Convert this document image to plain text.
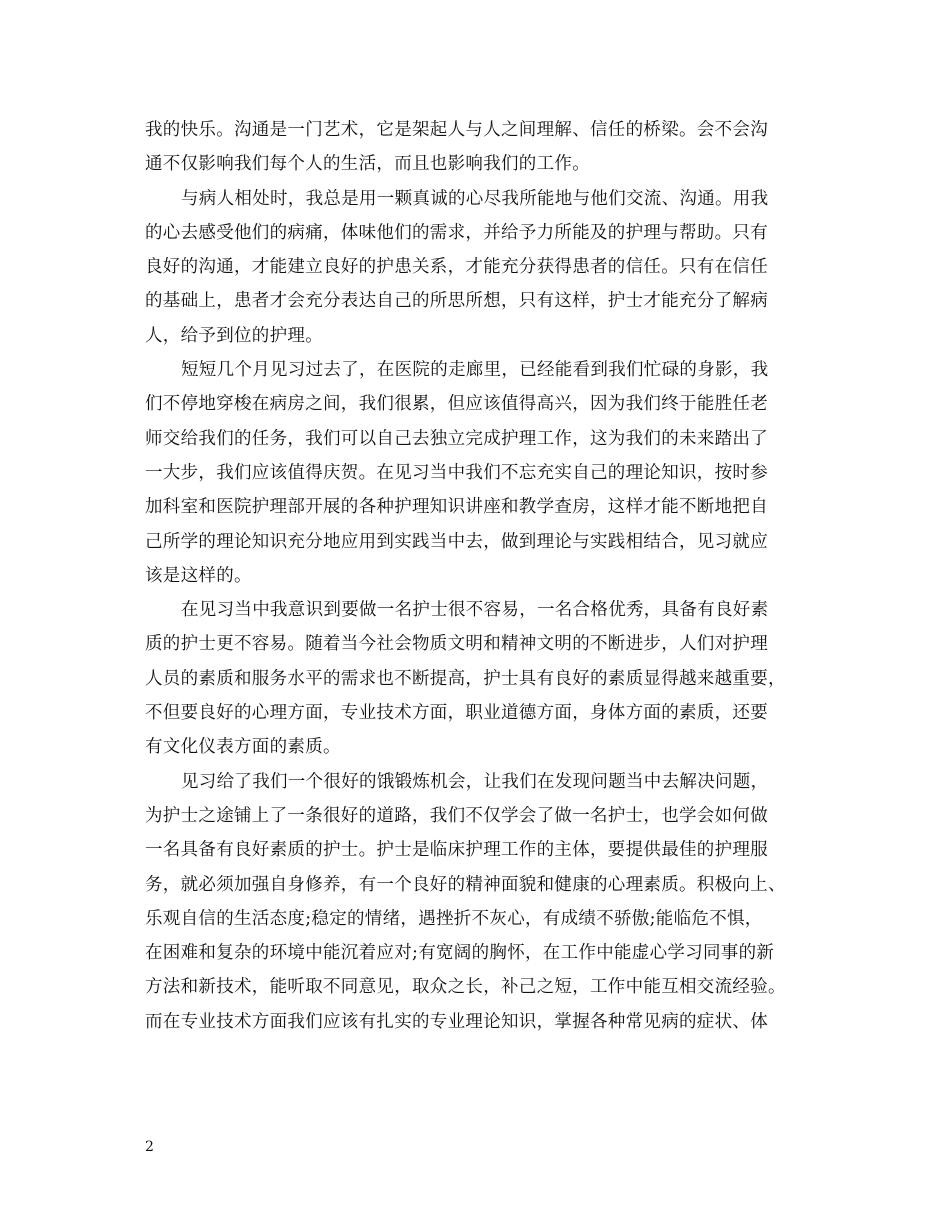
我的快乐。沟通是一门艺术，它是架起人与人之间理解、信任的桥梁。会不会沟
通不仅影响我们每个人的生活，而且也影响我们的工作。
与病人相处时，我总是用一颗真诚的心尽我所能地与他们交流、沟通。用我
的心去感受他们的病痛，体味他们的需求，并给予力所能及的护理与帮助。只有
良好的沟通，才能建立良好的护患关系，才能充分获得患者的信任。只有在信任
的基础上，患者才会充分表达自己的所思所想，只有这样，护士才能充分了解病
人，给予到位的护理。
短短几个月见习过去了，在医院的走廊里，已经能看到我们忙碌的身影，我
们不停地穿梭在病房之间，我们很累，但应该值得高兴，因为我们终于能胜任老
师交给我们的任务，我们可以自己去独立完成护理工作，这为我们的未来踏出了
一大步，我们应该值得庆贺。在见习当中我们不忘充实自己的理论知识，按时参
加科室和医院护理部开展的各种护理知识讲座和教学查房，这样才能不断地把自
己所学的理论知识充分地应用到实践当中去，做到理论与实践相结合，见习就应
该是这样的。
在见习当中我意识到要做一名护士很不容易，一名合格优秀，具备有良好素
质的护士更不容易。随着当今社会物质文明和精神文明的不断进步，人们对护理
人员的素质和服务水平的需求也不断提高，护士具有良好的素质显得越来越重要，
不但要良好的心理方面，专业技术方面，职业道德方面，身体方面的素质，还要
有文化仪表方面的素质。
见习给了我们一个很好的饿锻炼机会，让我们在发现问题当中去解决问题，
为护士之途铺上了一条很好的道路，我们不仅学会了做一名护士，也学会如何做
一名具备有良好素质的护士。护士是临床护理工作的主体，要提供最佳的护理服
务，就必须加强自身修养，有一个良好的精神面貌和健康的心理素质。积极向上、
乐观自信的生活态度;稳定的情绪，遇挫折不灰心，有成绩不骄傲;能临危不惧，
在困难和复杂的环境中能沉着应对;有宽阔的胸怀，在工作中能虚心学习同事的新
方法和新技术，能听取不同意见，取众之长，补己之短，工作中能互相交流经验。
而在专业技术方面我们应该有扎实的专业理论知识，掌握各种常见病的症状、体
2
